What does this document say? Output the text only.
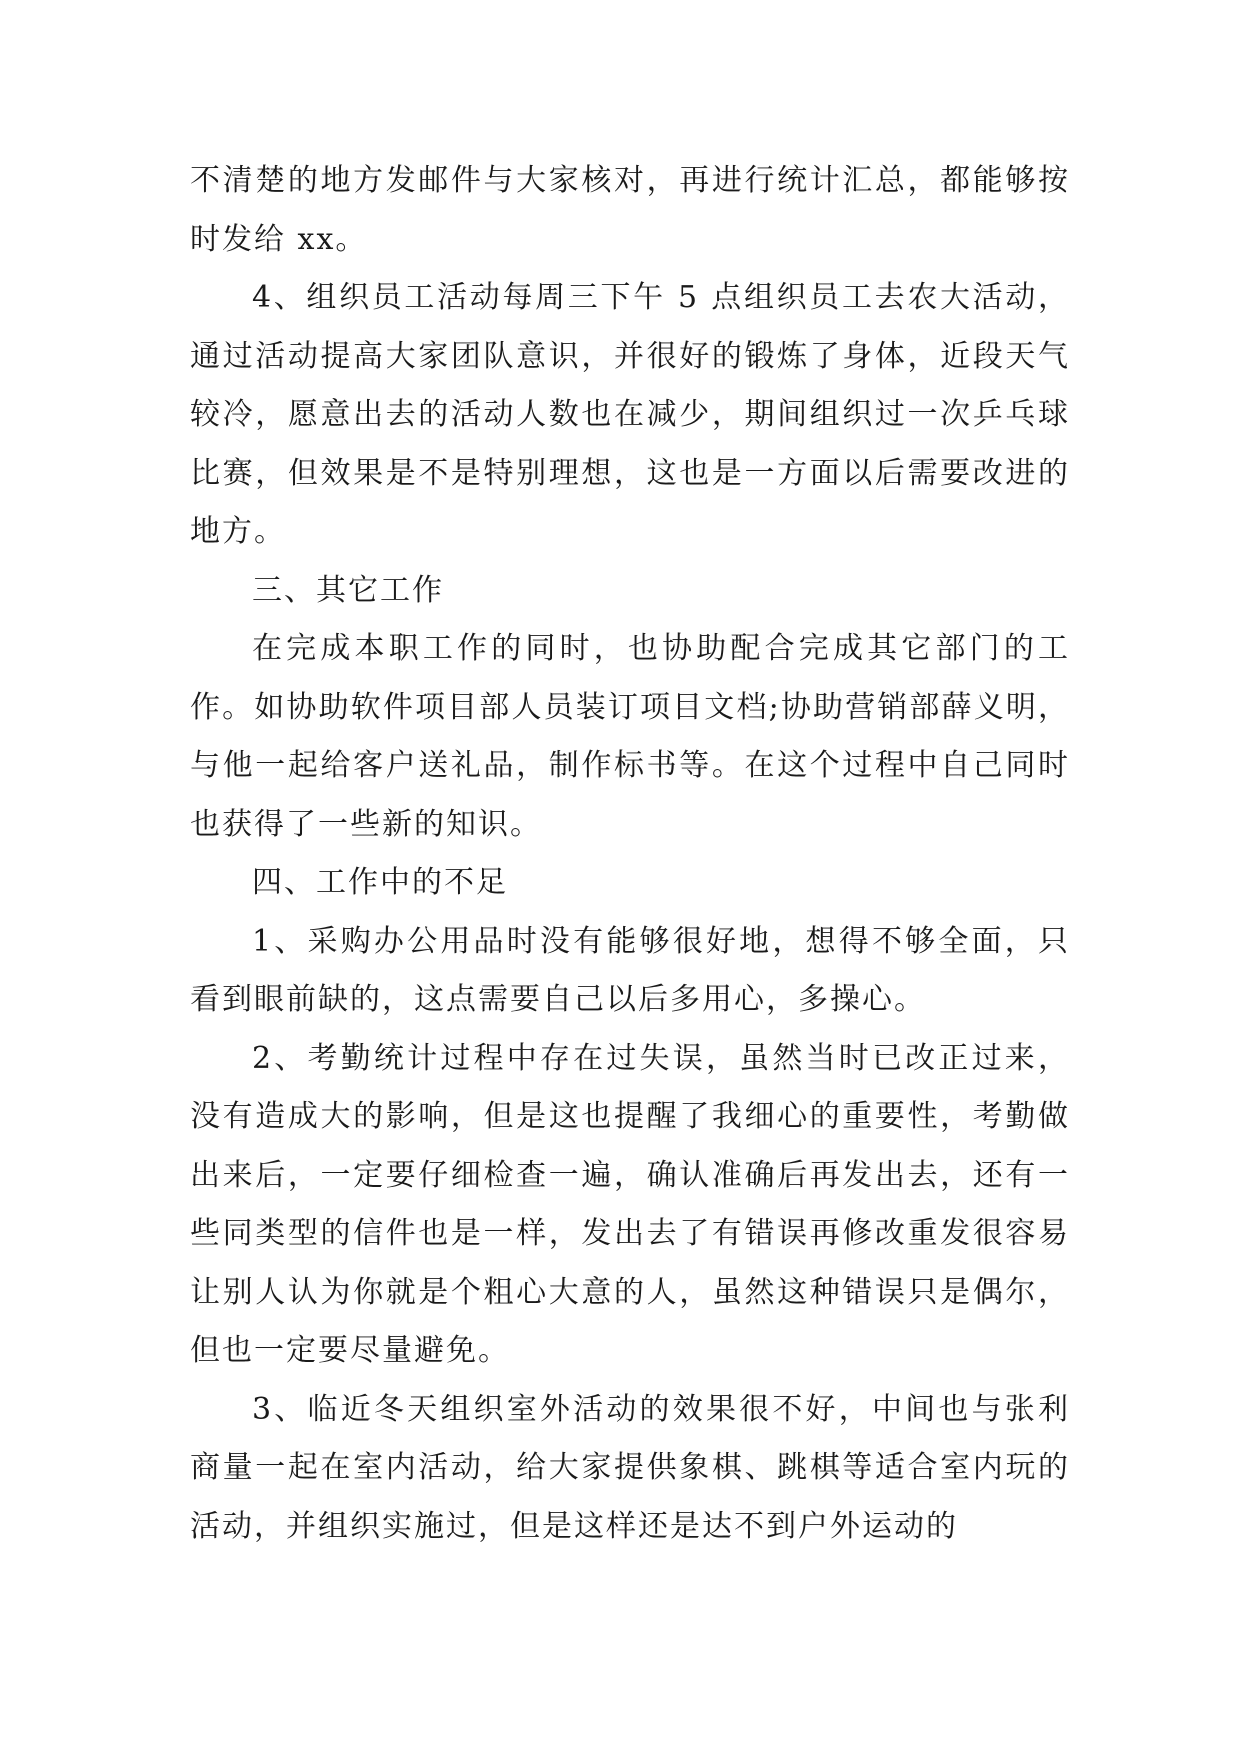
不清楚的地方发邮件与大家核对，再进行统计汇总，都能够按时发给 xx。

4、组织员工活动每周三下午 5 点组织员工去农大活动，通过活动提高大家团队意识，并很好的锻炼了身体，近段天气较冷，愿意出去的活动人数也在减少，期间组织过一次乒乓球比赛，但效果是不是特别理想，这也是一方面以后需要改进的地方。

三、其它工作

在完成本职工作的同时，也协助配合完成其它部门的工作。如协助软件项目部人员装订项目文档;协助营销部薛义明，与他一起给客户送礼品，制作标书等。在这个过程中自己同时也获得了一些新的知识。

四、工作中的不足

1、采购办公用品时没有能够很好地，想得不够全面，只看到眼前缺的，这点需要自己以后多用心，多操心。

2、考勤统计过程中存在过失误，虽然当时已改正过来，没有造成大的影响，但是这也提醒了我细心的重要性，考勤做出来后，一定要仔细检查一遍，确认准确后再发出去，还有一些同类型的信件也是一样，发出去了有错误再修改重发很容易让别人认为你就是个粗心大意的人，虽然这种错误只是偶尔，但也一定要尽量避免。

3、临近冬天组织室外活动的效果很不好，中间也与张利商量一起在室内活动，给大家提供象棋、跳棋等适合室内玩的活动，并组织实施过，但是这样还是达不到户外运动的
